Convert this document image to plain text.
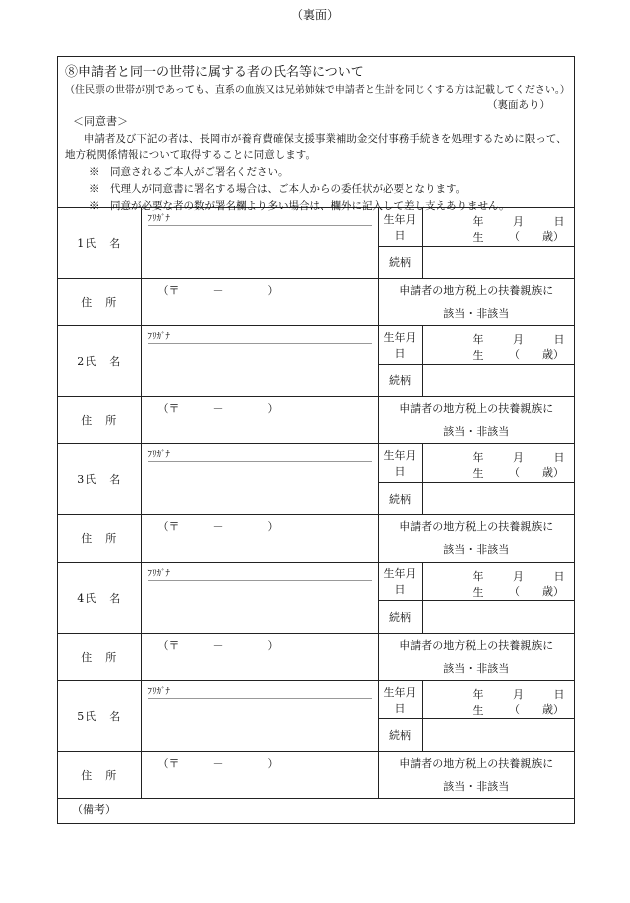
（裏面）
⑧申請者と同一の世帯に属する者の氏名等について
（住民票の世帯が別であっても、直系の血族又は兄弟姉妹で申請者と生計を同じくする方は記載してください。）
（裏面あり）
＜同意書＞

申請者及び下記の者は、長岡市が養育費確保支援事業補助金交付事務手続きを処理するために限って、地方税関係情報について取得することに同意します。

※　同意されるご本人がご署名ください。

※　代理人が同意書に署名する場合は、ご本人からの委任状が必要となります。

※　同意が必要な者の数が署名欄より多い場合は、欄外に記入して差し支えありません。

1氏　名	ﾌﾘｶﾞﾅ	生年月日	年 月 日生 （　　歳）

		続柄	
住　所	（〒　　　－　　　　）	申請者の地方税上の扶養親族に
該当・非該当	
2氏　名	ﾌﾘｶﾞﾅ	生年月日	年 月 日生 （　　歳）

		続柄	
住　所	（〒　　　－　　　　）	申請者の地方税上の扶養親族に
該当・非該当	
3氏　名	ﾌﾘｶﾞﾅ	生年月日	年 月 日生 （　　歳）

		続柄	
住　所	（〒　　　－　　　　）	申請者の地方税上の扶養親族に
該当・非該当	
4氏　名	ﾌﾘｶﾞﾅ	生年月日	年 月 日生 （　　歳）

		続柄	
住　所	（〒　　　－　　　　）	申請者の地方税上の扶養親族に
該当・非該当	
5氏　名	ﾌﾘｶﾞﾅ	生年月日	年 月 日生 （　　歳）

		続柄	
住　所	（〒　　　－　　　　）	申請者の地方税上の扶養親族に
該当・非該当	
（備考）			
